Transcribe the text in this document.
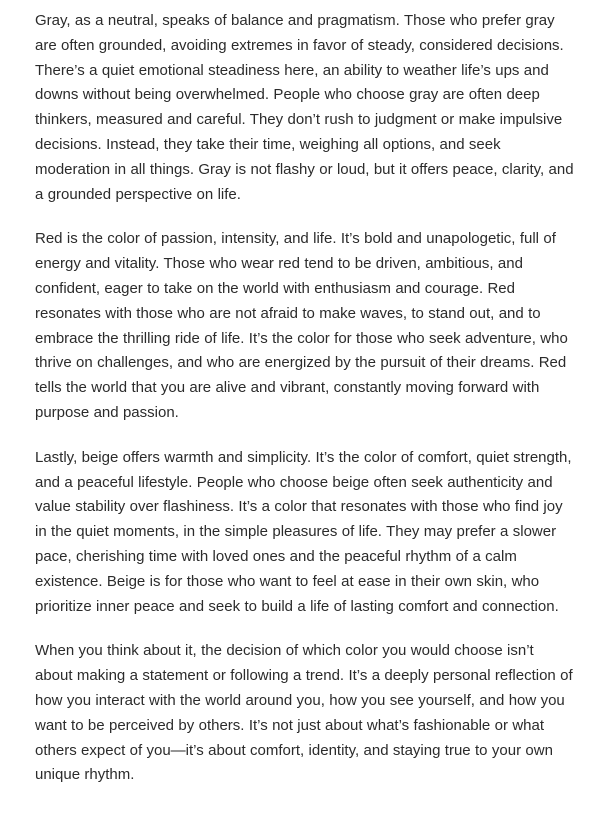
Gray, as a neutral, speaks of balance and pragmatism. Those who prefer gray are often grounded, avoiding extremes in favor of steady, considered decisions. There’s a quiet emotional steadiness here, an ability to weather life’s ups and downs without being overwhelmed. People who choose gray are often deep thinkers, measured and careful. They don’t rush to judgment or make impulsive decisions. Instead, they take their time, weighing all options, and seek moderation in all things. Gray is not flashy or loud, but it offers peace, clarity, and a grounded perspective on life.

Red is the color of passion, intensity, and life. It’s bold and unapologetic, full of energy and vitality. Those who wear red tend to be driven, ambitious, and confident, eager to take on the world with enthusiasm and courage. Red resonates with those who are not afraid to make waves, to stand out, and to embrace the thrilling ride of life. It’s the color for those who seek adventure, who thrive on challenges, and who are energized by the pursuit of their dreams. Red tells the world that you are alive and vibrant, constantly moving forward with purpose and passion.

Lastly, beige offers warmth and simplicity. It’s the color of comfort, quiet strength, and a peaceful lifestyle. People who choose beige often seek authenticity and value stability over flashiness. It’s a color that resonates with those who find joy in the quiet moments, in the simple pleasures of life. They may prefer a slower pace, cherishing time with loved ones and the peaceful rhythm of a calm existence. Beige is for those who want to feel at ease in their own skin, who prioritize inner peace and seek to build a life of lasting comfort and connection.

When you think about it, the decision of which color you would choose isn’t about making a statement or following a trend. It’s a deeply personal reflection of how you interact with the world around you, how you see yourself, and how you want to be perceived by others. It’s not just about what’s fashionable or what others expect of you—it’s about comfort, identity, and staying true to your own unique rhythm.
